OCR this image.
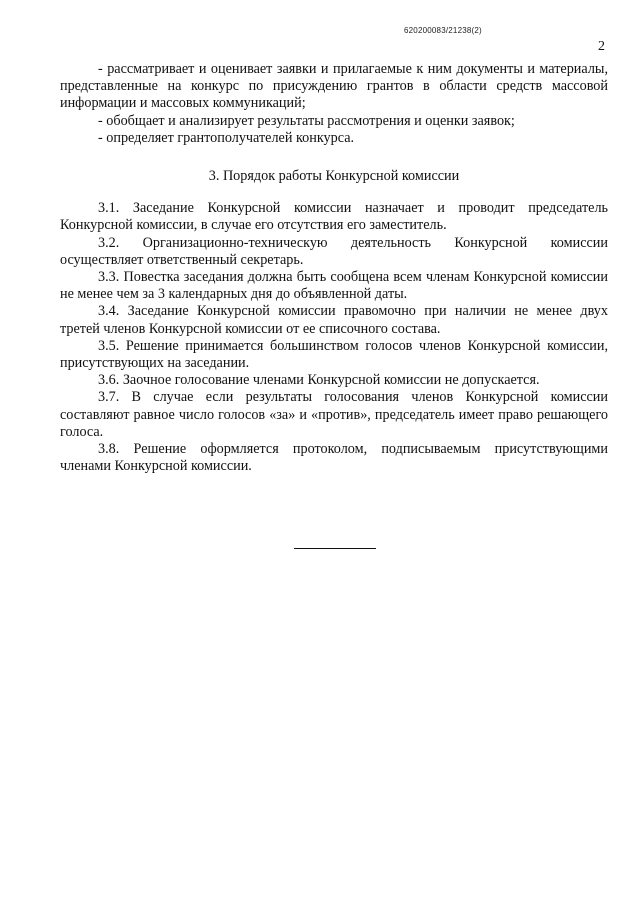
620200083/21238(2)
2

- рассматривает и оценивает заявки и прилагаемые к ним документы и материалы, представленные на конкурс по присуждению грантов в области средств массовой информации и массовых коммуникаций;

- обобщает и анализирует результаты рассмотрения и оценки заявок;

- определяет грантополучателей конкурса.

3. Порядок работы Конкурсной комиссии

3.1. Заседание Конкурсной комиссии назначает и проводит председатель Конкурсной комиссии, в случае его отсутствия его заместитель.

3.2. Организационно-техническую деятельность Конкурсной комиссии осуществляет ответственный секретарь.

3.3. Повестка заседания должна быть сообщена всем членам Конкурсной комиссии не менее чем за 3 календарных дня до объявленной даты.

3.4. Заседание Конкурсной комиссии правомочно при наличии не менее двух третей членов Конкурсной комиссии от ее списочного состава.

3.5. Решение принимается большинством голосов членов Конкурсной комиссии, присутствующих на заседании.

3.6. Заочное голосование членами Конкурсной комиссии не допускается.

3.7. В случае если результаты голосования членов Конкурсной комиссии составляют равное число голосов «за» и «против», председатель имеет право решающего голоса.

3.8. Решение оформляется протоколом, подписываемым присутствующими членами Конкурсной комиссии.
